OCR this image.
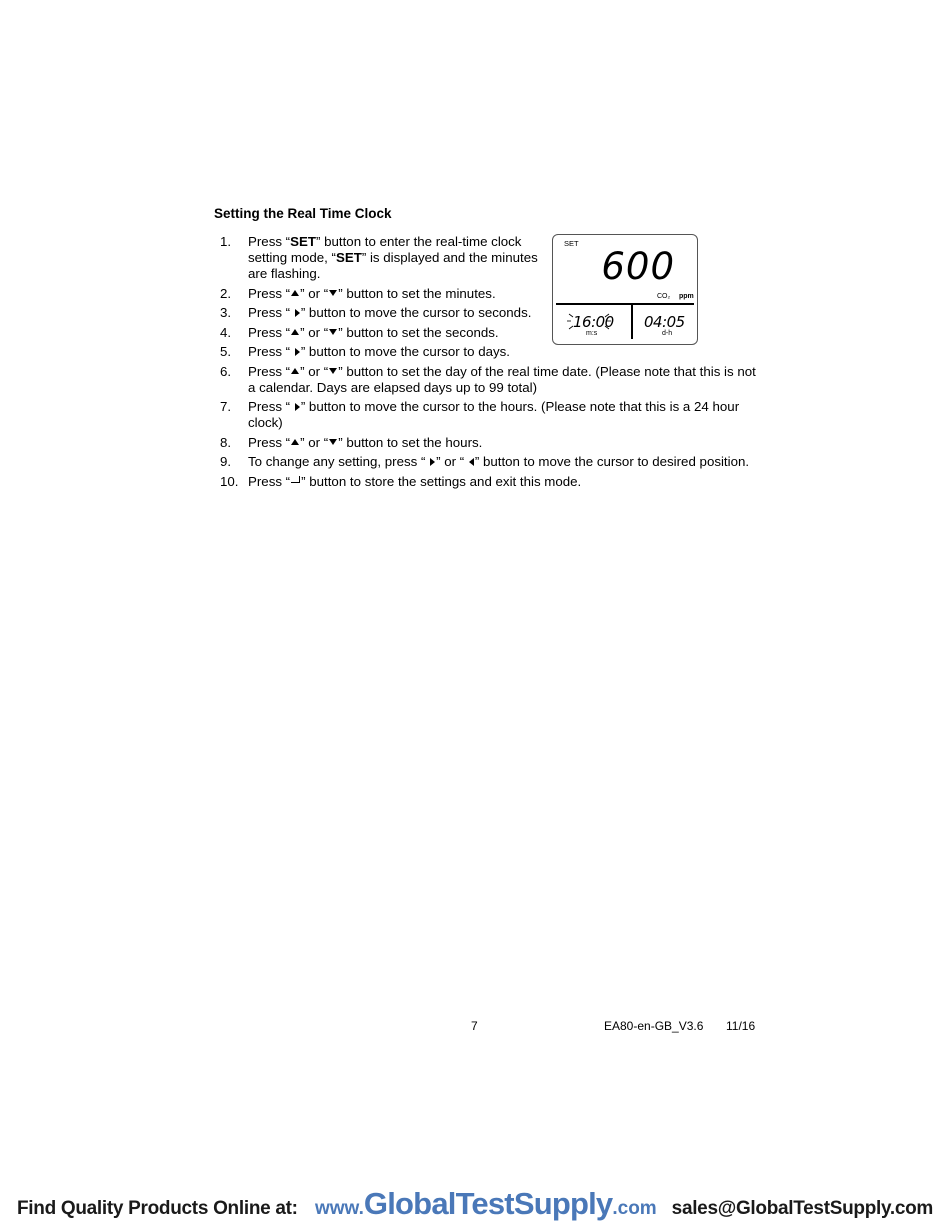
Setting the Real Time Clock
1. Press “SET” button to enter the real-time clock setting mode, “SET” is displayed and the minutes are flashing.
2. Press “ ” or “ ” button to set the minutes.
3. Press “ ” button to move the cursor to seconds.
4. Press “ ” or “ ” button to set the seconds.
5. Press “ ” button to move the cursor to days.
6. Press “ ” or “ ” button to set the day of the real time date. (Please note that this is not a calendar. Days are elapsed days up to 99 total)
7. Press “ ” button to move the cursor to the hours. (Please note that this is a 24 hour clock)
8. Press “ ” or “ ” button to set the hours.
9. To change any setting, press “ ” or “ ” button to move the cursor to desired position.
10. Press “ ” button to store the settings and exit this mode.
SET
600
CO₂ ppm
16:00
m:s
04:05
d-h
7	EA80-en-GB_V3.6 11/16
Find Quality Products Online at: www.GlobalTestSupply.com sales@GlobalTestSupply.com
